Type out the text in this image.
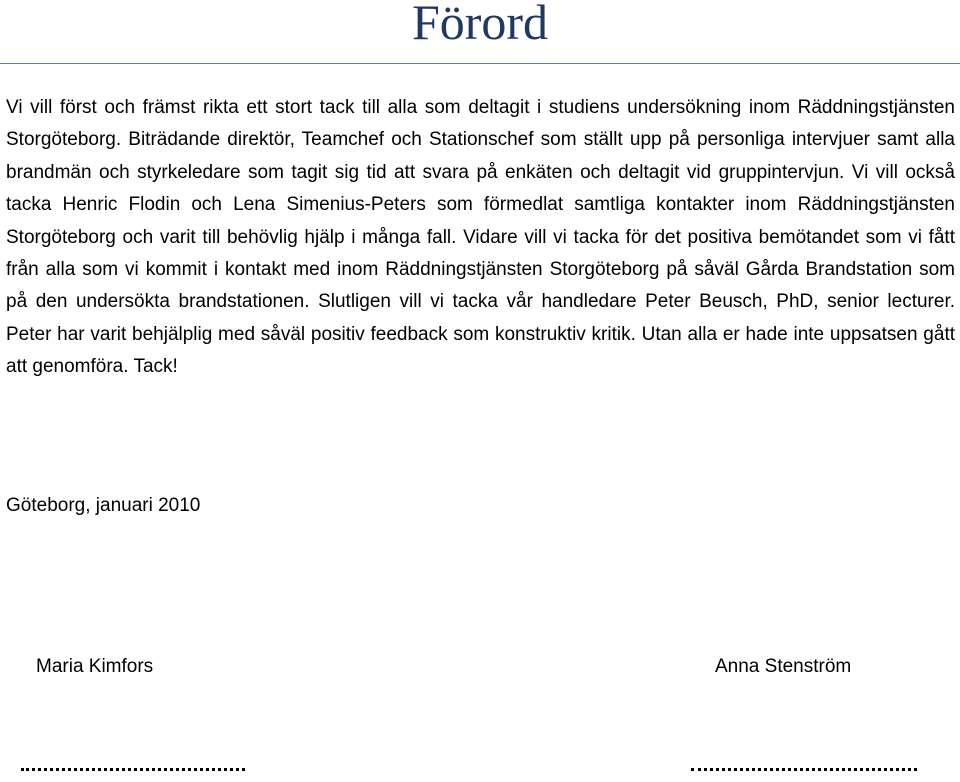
Förord

Vi vill först och främst rikta ett stort tack till alla som deltagit i studiens undersökning inom Räddningstjänsten Storgöteborg. Biträdande direktör, Teamchef och Stationschef som ställt upp på personliga intervjuer samt alla brandmän och styrkeledare som tagit sig tid att svara på enkäten och deltagit vid gruppintervjun. Vi vill också tacka Henric Flodin och Lena Simenius-Peters som förmedlat samtliga kontakter inom Räddningstjänsten Storgöteborg och varit till behövlig hjälp i många fall. Vidare vill vi tacka för det positiva bemötandet som vi fått från alla som vi kommit i kontakt med inom Räddningstjänsten Storgöteborg på såväl Gårda Brandstation som på den undersökta brandstationen. Slutligen vill vi tacka vår handledare Peter Beusch, PhD, senior lecturer. Peter har varit behjälplig med såväl positiv feedback som konstruktiv kritik. Utan alla er hade inte uppsatsen gått att genomföra. Tack!

Göteborg, januari 2010

Maria Kimfors	Anna Stenström
